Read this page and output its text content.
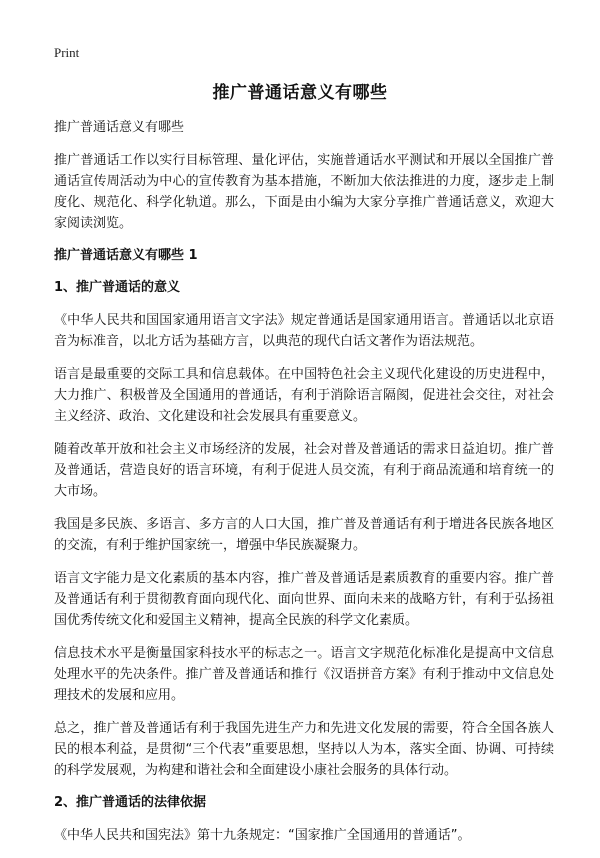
Print
推广普通话意义有哪些

推广普通话意义有哪些

推广普通话工作以实行目标管理、量化评估，实施普通话水平测试和开展以全国推广普通话宣传周活动为中心的宣传教育为基本措施，不断加大依法推进的力度，逐步走上制度化、规范化、科学化轨道。那么，下面是由小编为大家分享推广普通话意义，欢迎大家阅读浏览。

推广普通话意义有哪些 1

1、推广普通话的意义

《中华人民共和国国家通用语言文字法》规定普通话是国家通用语言。普通话以北京语音为标准音，以北方话为基础方言，以典范的现代白话文著作为语法规范。

语言是最重要的交际工具和信息载体。在中国特色社会主义现代化建设的历史进程中，大力推广、积极普及全国通用的普通话，有利于消除语言隔阂，促进社会交往，对社会主义经济、政治、文化建设和社会发展具有重要意义。

随着改革开放和社会主义市场经济的发展，社会对普及普通话的需求日益迫切。推广普及普通话，营造良好的语言环境，有利于促进人员交流，有利于商品流通和培育统一的大市场。

我国是多民族、多语言、多方言的人口大国，推广普及普通话有利于增进各民族各地区的交流，有利于维护国家统一，增强中华民族凝聚力。

语言文字能力是文化素质的基本内容，推广普及普通话是素质教育的重要内容。推广普及普通话有利于贯彻教育面向现代化、面向世界、面向未来的战略方针，有利于弘扬祖国优秀传统文化和爱国主义精神，提高全民族的科学文化素质。

信息技术水平是衡量国家科技水平的标志之一。语言文字规范化标准化是提高中文信息处理水平的先决条件。推广普及普通话和推行《汉语拼音方案》有利于推动中文信息处理技术的发展和应用。

总之，推广普及普通话有利于我国先进生产力和先进文化发展的需要，符合全国各族人民的根本利益，是贯彻“三个代表”重要思想，坚持以人为本，落实全面、协调、可持续的科学发展观，为构建和谐社会和全面建设小康社会服务的具体行动。

2、推广普通话的法律依据

《中华人民共和国宪法》第十九条规定：“国家推广全国通用的普通话”。
